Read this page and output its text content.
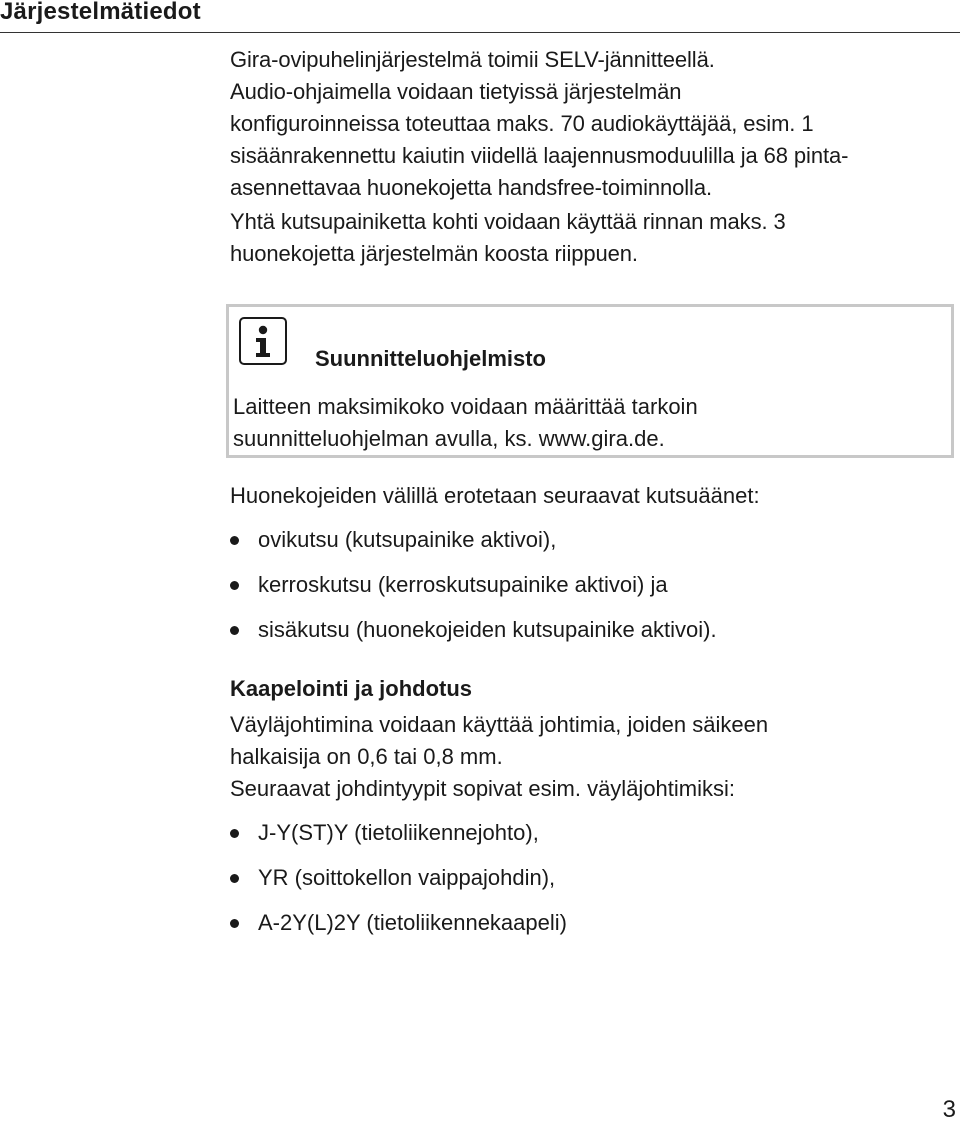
Järjestelmätiedot

Gira-ovipuhelinjärjestelmä toimii SELV-jännitteellä.

Audio-ohjaimella voidaan tietyissä järjestelmän

konfiguroinneissa toteuttaa maks. 70 audiokäyttäjää, esim. 1

sisäänrakennettu kaiutin viidellä laajennusmoduulilla ja 68 pinta-

asennettavaa huonekojetta handsfree-toiminnolla.

Yhtä kutsupainiketta kohti voidaan käyttää rinnan maks. 3

huonekojetta järjestelmän koosta riippuen.

Suunnitteluohjelmisto

Laitteen maksimikoko voidaan määrittää tarkoin

suunnitteluohjelman avulla, ks. www.gira.de.

Huonekojeiden välillä erotetaan seuraavat kutsuäänet:

ovikutsu (kutsupainike aktivoi),
kerroskutsu (kerroskutsupainike aktivoi) ja
sisäkutsu (huonekojeiden kutsupainike aktivoi).
Kaapelointi ja johdotus

Väyläjohtimina voidaan käyttää johtimia, joiden säikeen

halkaisija on 0,6 tai 0,8 mm.

Seuraavat johdintyypit sopivat esim. väyläjohtimiksi:

J-Y(ST)Y (tietoliikennejohto),
YR (soittokellon vaippajohdin),
A-2Y(L)2Y (tietoliikennekaapeli)
3
